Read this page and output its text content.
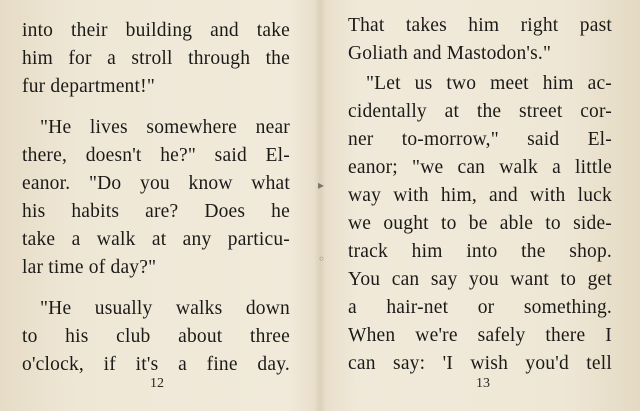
into their building and take
him for a stroll through the
fur department!"
"He lives somewhere near
there, doesn't he?" said El-
eanor. "Do you know what
his habits are? Does he
take a walk at any particu-
lar time of day?"
"He usually walks down
to his club about three
o'clock, if it's a fine day.
12
▸
◦
That takes him right past
Goliath and Mastodon's."
"Let us two meet him ac-
cidentally at the street cor-
ner to-morrow," said El-
eanor; "we can walk a little
way with him, and with luck
we ought to be able to side-
track him into the shop.
You can say you want to get
a hair-net or something.
When we're safely there I
can say: 'I wish you'd tell
13
